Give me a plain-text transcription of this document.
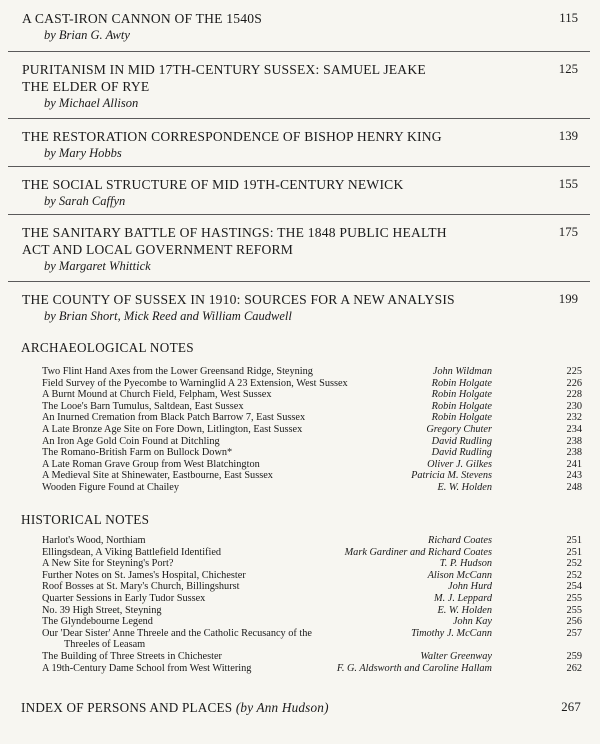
A CAST-IRON CANNON OF THE 1540S
by Brian G. Awty
115
PURITANISM IN MID 17TH-CENTURY SUSSEX: SAMUEL JEAKE
THE ELDER OF RYE
by Michael Allison
125
THE RESTORATION CORRESPONDENCE OF BISHOP HENRY KING
by Mary Hobbs
139
THE SOCIAL STRUCTURE OF MID 19TH-CENTURY NEWICK
by Sarah Caffyn
155
THE SANITARY BATTLE OF HASTINGS: THE 1848 PUBLIC HEALTH
ACT AND LOCAL GOVERNMENT REFORM
by Margaret Whittick
175
THE COUNTY OF SUSSEX IN 1910: SOURCES FOR A NEW ANALYSIS
by Brian Short, Mick Reed and William Caudwell
199
ARCHAEOLOGICAL NOTES
Two Flint Hand Axes from the Lower Greensand Ridge, Steyning	John Wildman	225
Field Survey of the Pyecombe to Warninglid A 23 Extension, West Sussex	Robin Holgate	226
A Burnt Mound at Church Field, Felpham, West Sussex	Robin Holgate	228
The Looe's Barn Tumulus, Saltdean, East Sussex	Robin Holgate	230
An Inurned Cremation from Black Patch Barrow 7, East Sussex	Robin Holgate	232
A Late Bronze Age Site on Fore Down, Litlington, East Sussex	Gregory Chuter	234
An Iron Age Gold Coin Found at Ditchling	David Rudling	238
The Romano-British Farm on Bullock Down*	David Rudling	238
A Late Roman Grave Group from West Blatchington	Oliver J. Gilkes	241
A Medieval Site at Shinewater, Eastbourne, East Sussex	Patricia M. Stevens	243
Wooden Figure Found at Chailey	E. W. Holden	248
HISTORICAL NOTES
Harlot's Wood, Northiam	Richard Coates	251
Ellingsdean, A Viking Battlefield Identified	Mark Gardiner and Richard Coates	251
A New Site for Steyning's Port?	T. P. Hudson	252
Further Notes on St. James's Hospital, Chichester	Alison McCann	252
Roof Bosses at St. Mary's Church, Billingshurst	John Hurd	254
Quarter Sessions in Early Tudor Sussex	M. J. Leppard	255
No. 39 High Street, Steyning	E. W. Holden	255
The Glyndebourne Legend	John Kay	256
Our 'Dear Sister' Anne Threele and the Catholic Recusancy of the	Timothy J. McCann	257
Threeles of Leasam
The Building of Three Streets in Chichester	Walter Greenway	259
A 19th-Century Dame School from West Wittering	F. G. Aldsworth and Caroline Hallam	262
INDEX OF PERSONS AND PLACES (by Ann Hudson)	267
